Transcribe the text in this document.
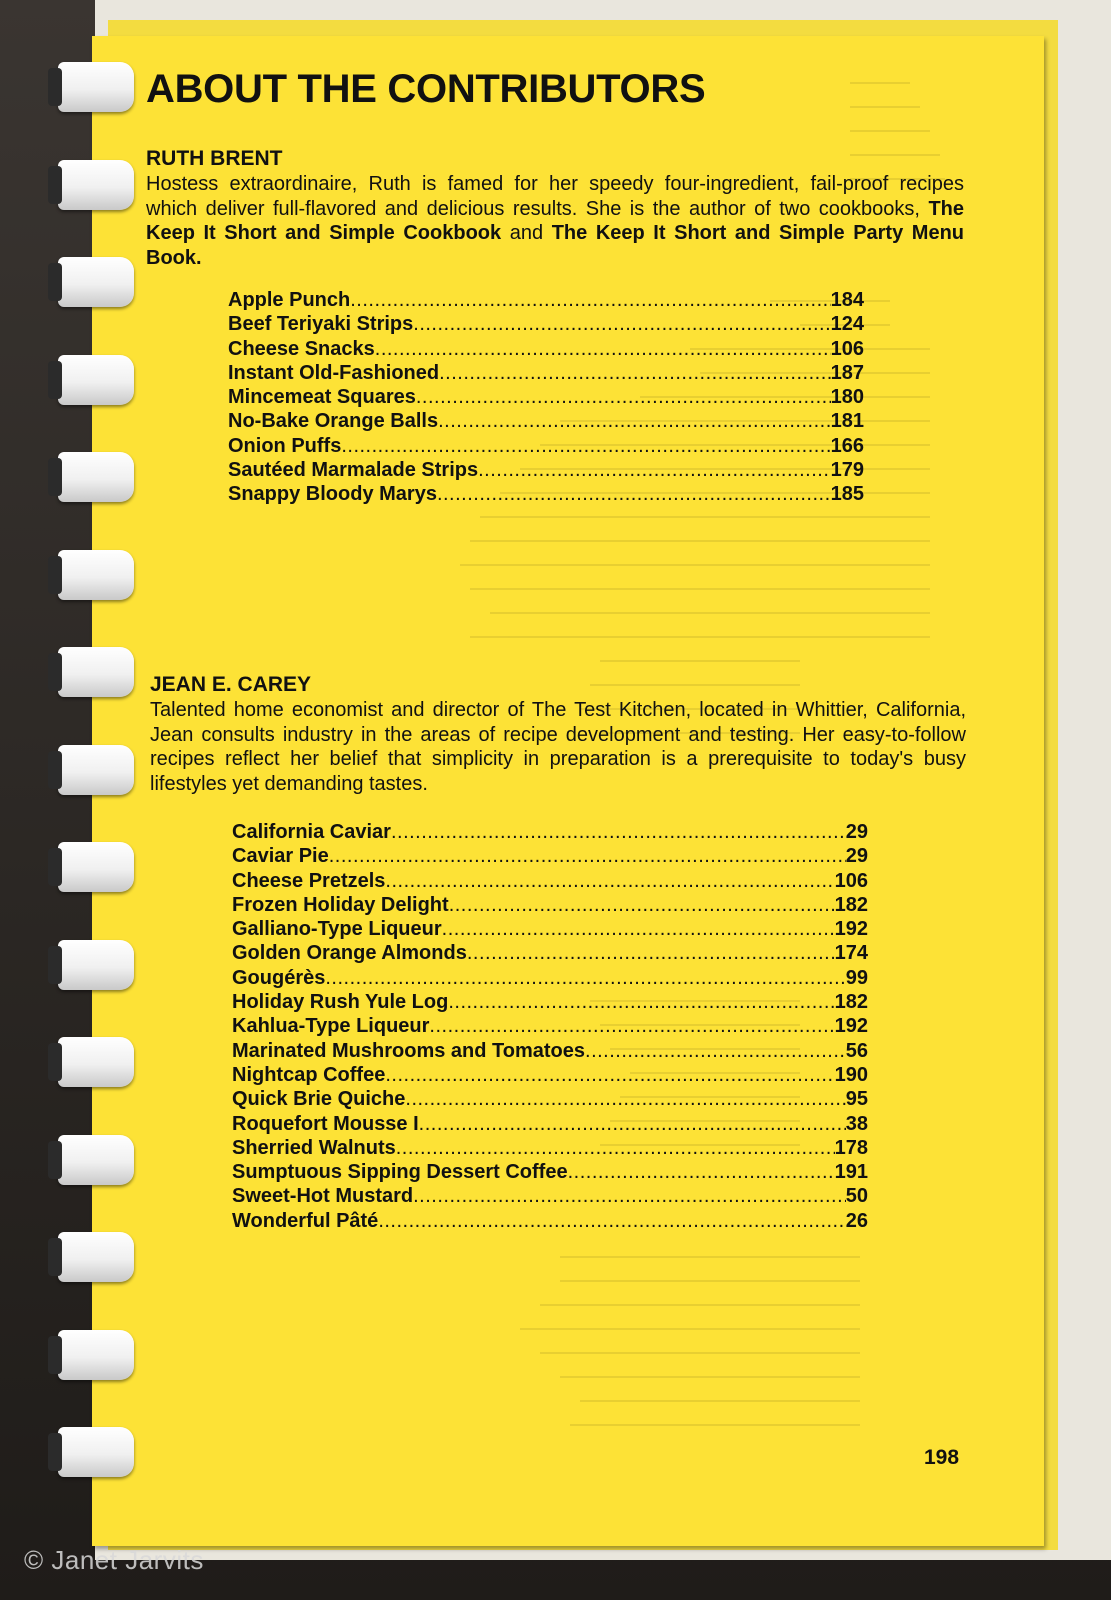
ABOUT THE CONTRIBUTORS
RUTH BRENT

Hostess extraordinaire, Ruth is famed for her speedy four-ingredient, fail-proof recipes which deliver full-flavored and delicious results. She is the author of two cookbooks, The Keep It Short and Simple Cookbook and The Keep It Short and Simple Party Menu Book.

Apple Punch .....	184
Beef Teriyaki Strips .....	124
Cheese Snacks .....	106
Instant Old-Fashioned .....	187
Mincemeat Squares .....	180
No-Bake Orange Balls .....	181
Onion Puffs .....	166
Sautéed Marmalade Strips .....	179
Snappy Bloody Marys .....	185
JEAN E. CAREY

Talented home economist and director of The Test Kitchen, located in Whittier, California, Jean consults industry in the areas of recipe development and testing. Her easy-to-follow recipes reflect her belief that simplicity in preparation is a prerequisite to today's busy lifestyles yet demanding tastes.

California Caviar .....	29
Caviar Pie .....	29
Cheese Pretzels .....	106
Frozen Holiday Delight .....	182
Galliano-Type Liqueur .....	192
Golden Orange Almonds .....	174
Gougérès .....	99
Holiday Rush Yule Log .....	182
Kahlua-Type Liqueur .....	192
Marinated Mushrooms and Tomatoes .....	56
Nightcap Coffee .....	190
Quick Brie Quiche .....	95
Roquefort Mousse I .....	38
Sherried Walnuts .....	178
Sumptuous Sipping Dessert Coffee .....	191
Sweet-Hot Mustard .....	50
Wonderful Pâté .....	26
198
© Janet Jarvits
